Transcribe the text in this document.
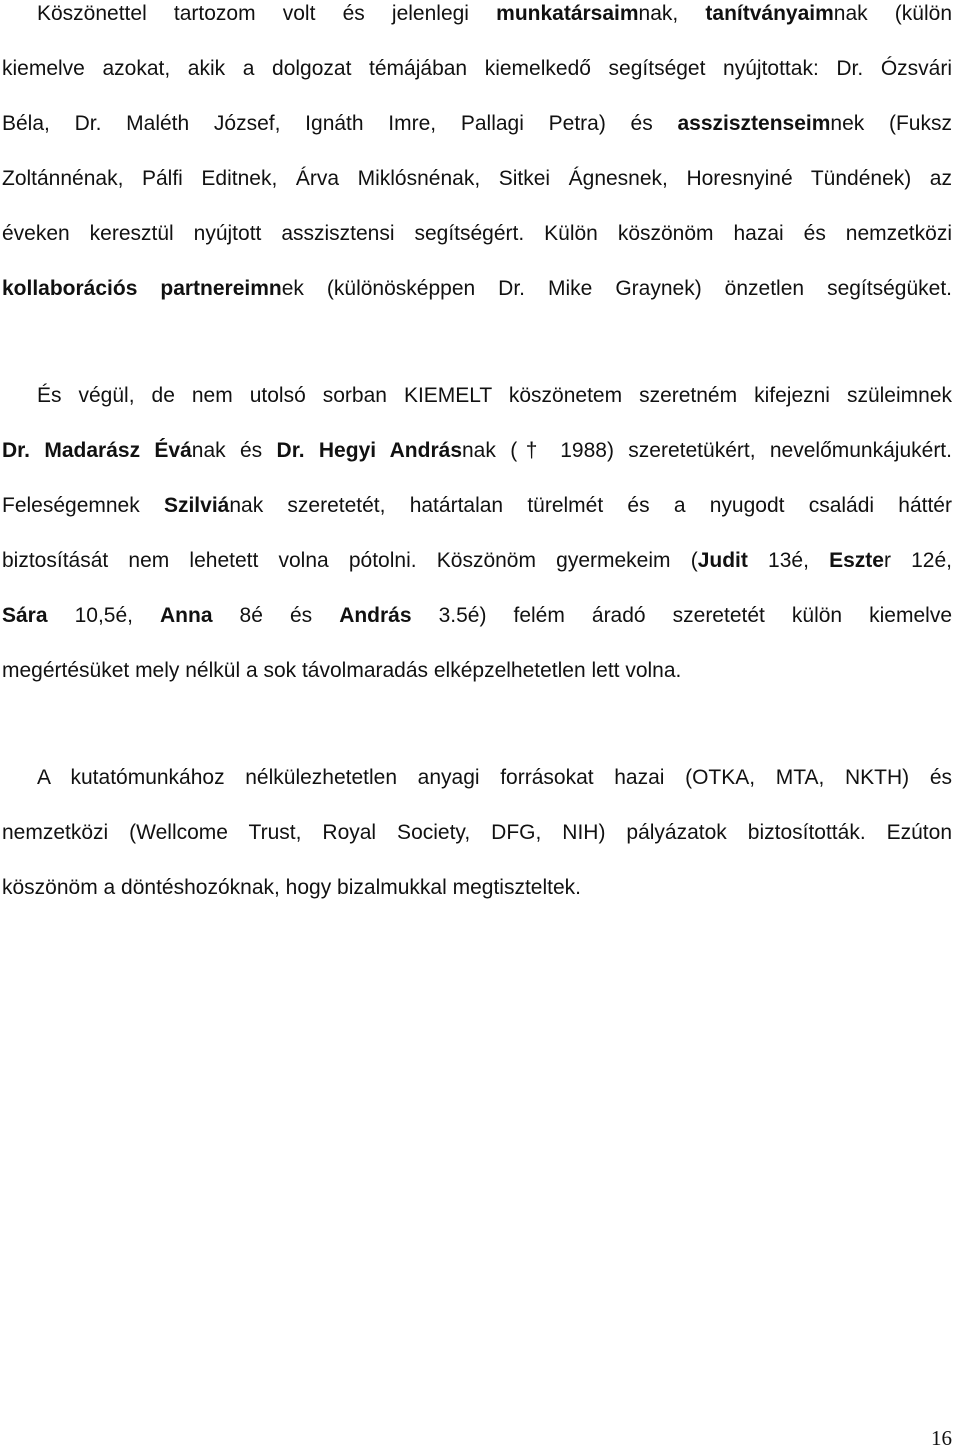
Köszönettel tartozom volt és jelenlegi munkatársaimnak, tanítványaimnak (külön
kiemelve azokat, akik a dolgozat témájában kiemelkedő segítséget nyújtottak: Dr. Ózsvári
Béla, Dr. Maléth József, Ignáth Imre, Pallagi Petra) és asszisztenseimnek (Fuksz
Zoltánnénak, Pálfi Editnek, Árva Miklósnénak, Sitkei Ágnesnek, Horesnyiné Tündének) az
éveken keresztül nyújtott asszisztensi segítségért. Külön köszönöm hazai és nemzetközi
kollaborációs partnereimnek (különösképpen Dr. Mike Graynek) önzetlen segítségüket.
És végül, de nem utolsó sorban KIEMELT köszönetem szeretném kifejezni szüleimnek
Dr. Madarász Évának és Dr. Hegyi Andrásnak († 1988) szeretetükért, nevelőmunkájukért.
Feleségemnek Szilviának szeretetét, határtalan türelmét és a nyugodt családi háttér
biztosítását nem lehetett volna pótolni. Köszönöm gyermekeim (Judit 13é, Eszter 12é,
Sára 10,5é, Anna 8é és András 3.5é) felém áradó szeretetét külön kiemelve
megértésüket mely nélkül a sok távolmaradás elképzelhetetlen lett volna.
A kutatómunkához nélkülezhetetlen anyagi forrásokat hazai (OTKA, MTA, NKTH) és
nemzetközi (Wellcome Trust, Royal Society, DFG, NIH) pályázatok biztosították. Ezúton
köszönöm a döntéshozóknak, hogy bizalmukkal megtiszteltek.

16
